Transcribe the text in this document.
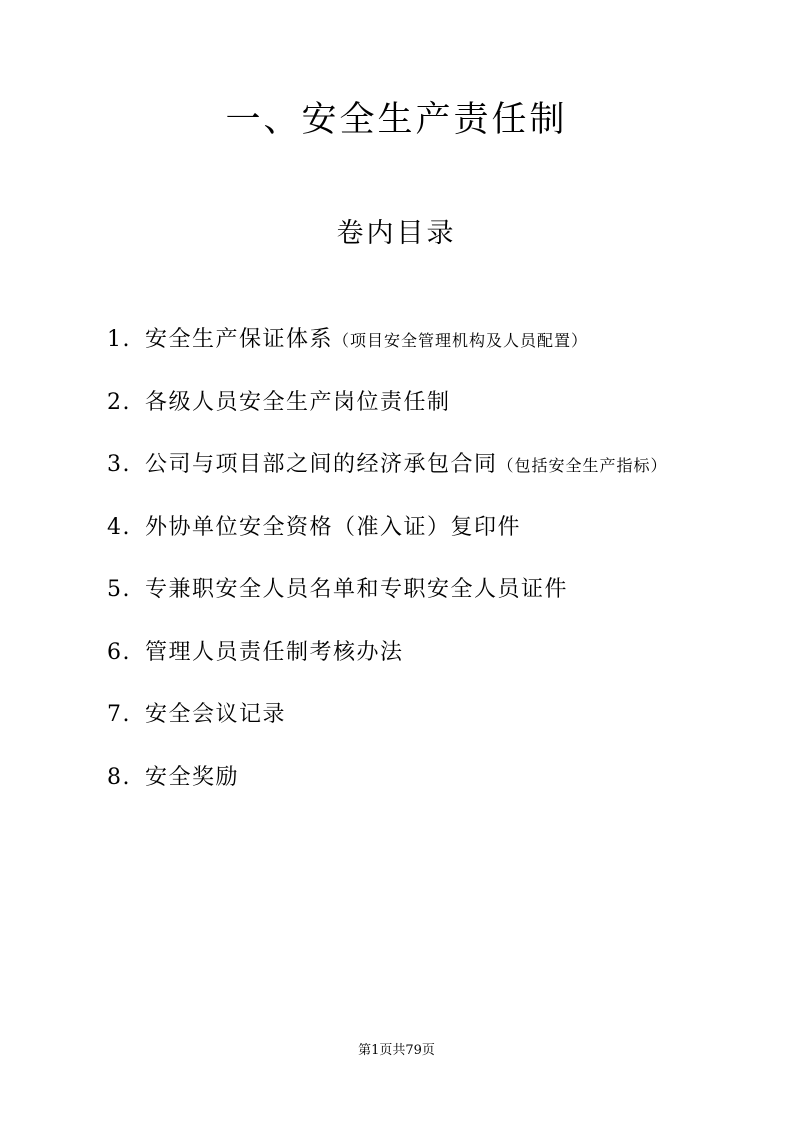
一、安全生产责任制
卷内目录
1. 安全生产保证体系（项目安全管理机构及人员配置）
2. 各级人员安全生产岗位责任制
3. 公司与项目部之间的经济承包合同（包括安全生产指标）
4. 外协单位安全资格（准入证）复印件
5. 专兼职安全人员名单和专职安全人员证件
6. 管理人员责任制考核办法
7. 安全会议记录
8. 安全奖励
第1页共79页
